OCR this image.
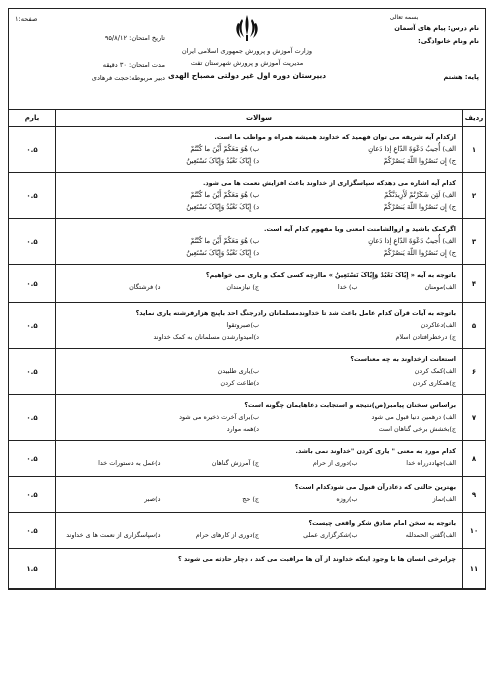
بسمه تعالی
نام درس: پیام های آسمان
نام ونام خانوادگی:
پایه: هشتم
وزارت آموزش و پرورش جمهوری اسلامی ایران
مدیریت آموزش و پرورش شهرستان تفت
دبیرستان دوره اول غیر دولتی مصباح الهدی
صفحه:۱
تاریخ امتحان: ۹۵/۸/۱۲
مدت امتحان: ۳۰ دقیقه
دبیر مربوطه:حجت فرهادی
ردیف
سوالات
بارم
۱
ازکدام آیه شریفه می توان فهمید که خداوند همیشه همراه و مواظب ما است.
الف) أُجیبُ دَعْوَةَ الدّاعِ إذا دَعانِ
ب) هُوَ مَعَکُمْ أَیْنَ ما کُنْتُمْ
ج) إِن تَنصُرُوا اللّهَ یَنصُرْکُمْ
د) إِیّاکَ نَعْبُدُ وَإِیّاکَ نَسْتَعِینُ
۰.۵
۲
کدام آیه اشاره می دهدکه سپاسگزاری از خداوند باعث افزایش نعمت ها می شود.
الف) لَئِن شَکَرْتُمْ لَأَزِیدَنَّکُمْ
ب) هُوَ مَعَکُمْ أَیْنَ ما کُنْتُمْ
ج) إِن تَنصُرُوا اللّهَ یَنصُرْکُمْ
د) إِیّاکَ نَعْبُدُ وَإِیّاکَ نَسْتَعِینُ
۰.۵
۳
اگرکمک باشید و ازوالشامنت امعنی وبا مفهوم کدام آیه است.
الف) أُجیبُ دَعْوَةَ الدّاعِ إذا دَعانِ
ب) هُوَ مَعَکُمْ أَیْنَ ما کُنْتُمْ
ج) إِن تَنصُرُوا اللّهَ یَنصُرْکُمْ
د) إِیّاکَ نَعْبُدُ وَإِیّاکَ نَسْتَعِینُ
۰.۵
۴
باتوجه به آیه « إِیّاکَ نَعْبُدُ وَإِیّاکَ نَسْتَعِینُ » ماازچه کسی کمک و یاری می خواهیم؟
الف)مومنان
ب) خدا
ج) نیازمندان
د) فرشتگان
۰.۵
۵
باتوجه به آیات قرآن کدام عامل باعث شد تا خداوندمسلمانان رادرجنگ احد باپنج هزارفرشته یاری نماید؟
الف)دعاکردن
ب)صبروتقوا
ج) درخطرافتادن اسلام
د)امیدوارشدن مسلمانان به کمک خداوند
۰.۵
۶
استعانت ازخداوند به چه معناست؟
الف)کمک کردن
ب)یاری طلبیدن
ج)همکاری کردن
د)طاعت کردن
۰.۵
۷
براساس سخنان پیامبر(ص)نتیجه و استجابت دعاهایمان چگونه است؟
الف) درهمین دنیا قبول می شود
ب)برای آخرت ذخیره می شود
ج)بخشش برخی گناهان است
د)همه موارد
۰.۵
۸
کدام مورد به معنی " یاری کردن "خداوند نمی باشد.
الف)جهاددرراه خدا
ب)دوری از حرام
ج) آمرزش گناهان
د)عمل به دستورات خدا
۰.۵
۹
بهترین حالتی که دعادرآن قبول می شودکدام است؟
الف)نماز
ب)روزه
ج) حج
د)صبر
۰.۵
۱۰
باتوجه به سخن امام صادق شکر واقعی چیست؟
الف)گفتن الحمدلله
ب)شکرگزاری عملی
ج)دوری از کارهای حرام
د)سپاسگزاری از نعمت ها ی خداوند
۰.۵
۱۱
چرابرخی انسان ها با وجود اینکه خداوند از آن ها مراقبت می کند ، دچار حادثه می شوند ؟
۱.۵
